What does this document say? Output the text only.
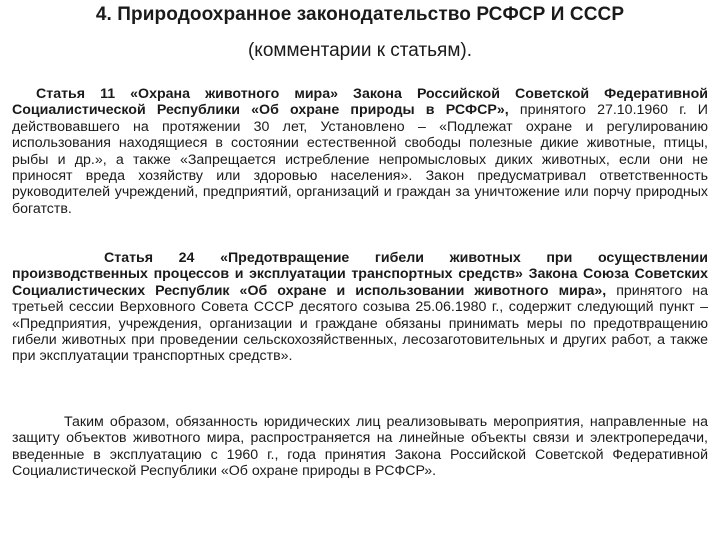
4. Природоохранное законодательство РСФСР И СССР
(комментарии к статьям).
Статья 11 «Охрана животного мира» Закона Российской Советской Федеративной Социалистической Республики «Об охране природы в РСФСР», принятого 27.10.1960 г. И действовавшего на протяжении 30 лет, Установлено – «Подлежат охране и регулированию использования находящиеся в состоянии естественной свободы полезные дикие животные, птицы, рыбы и др.», а также «Запрещается истребление непромысловых диких животных, если они не приносят вреда хозяйству или здоровью населения». Закон предусматривал ответственность руководителей учреждений, предприятий, организаций и граждан за уничтожение или порчу природных богатств.
Статья 24 «Предотвращение гибели животных при осуществлении производственных процессов и эксплуатации транспортных средств» Закона Союза Советских Социалистических Республик «Об охране и использовании животного мира», принятого на третьей сессии Верховного Совета СССР десятого созыва 25.06.1980 г., содержит следующий пункт – «Предприятия, учреждения, организации и граждане обязаны принимать меры по предотвращению гибели животных при проведении сельскохозяйственных, лесозаготовительных и других работ, а также при эксплуатации транспортных средств».
Таким образом, обязанность юридических лиц реализовывать мероприятия, направленные на защиту объектов животного мира, распространяется на линейные объекты связи и электропередачи, введенные в эксплуатацию с 1960 г., года принятия Закона Российской Советской Федеративной Социалистической Республики «Об охране природы в РСФСР».
